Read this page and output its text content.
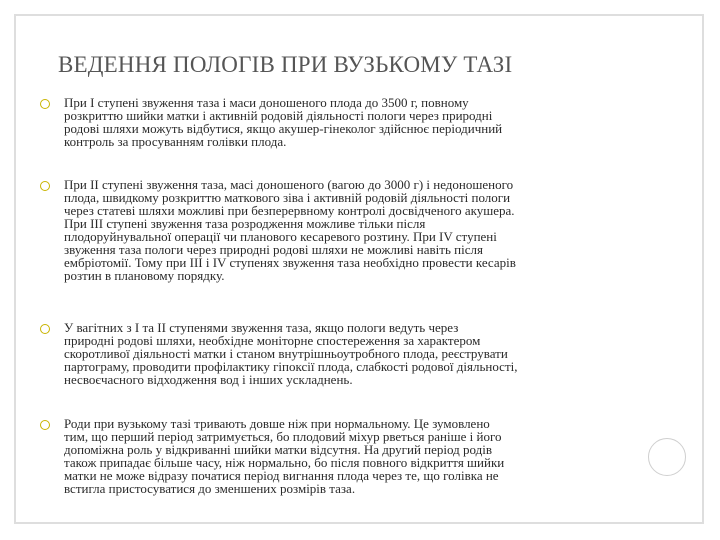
ВЕДЕННЯ ПОЛОГІВ ПРИ ВУЗЬКОМУ ТАЗІ

При І ступені звуження таза і маси доношеного плода до 3500 г, повному
розкриттю шийки матки і активній родовій діяльності пологи через природні
родові шляхи можуть відбутися, якщо акушер-гінеколог здійснює періодичний
контроль за просуванням голівки плода.

При ІІ ступені звуження таза, масі доношеного (вагою до 3000 г) і недоношеного
плода, швидкому розкриттю маткового зіва і активній родовій діяльності пологи
через статеві шляхи можливі при безперервному контролі досвідченого акушера.
При ІІІ ступені звуження таза розродження можливе тільки після
плодоруйнувальної операції чи планового кесаревого розтину. При IV ступені
звуження таза пологи через природні родові шляхи не можливі навіть після
ембріотомії. Тому при ІІІ і IV ступенях звуження таза необхідно провести кесарів
розтин в плановому порядку.

У вагітних з І та ІІ ступенями звуження таза, якщо пологи ведуть через
природні родові шляхи, необхідне моніторне спостереження за характером
скоротливої діяльності матки і станом внутрішньоутробного плода, реєструвати
партограму, проводити профілактику гіпоксії плода, слабкості родової діяльності,
несвоєчасного відходження вод і інших ускладнень.

Роди при вузькому тазі тривають довше ніж при нормальному. Це зумовлено
тим, що перший період затримується, бо плодовий міхур рветься раніше і його
допоміжна роль у відкриванні шийки матки відсутня. На другий період родів
також припадає більше часу, ніж нормально, бо після повного відкриття шийки
матки не може відразу початися період вигнання плода через те, що голівка не
встигла пристосуватися до зменшених розмірів таза.
